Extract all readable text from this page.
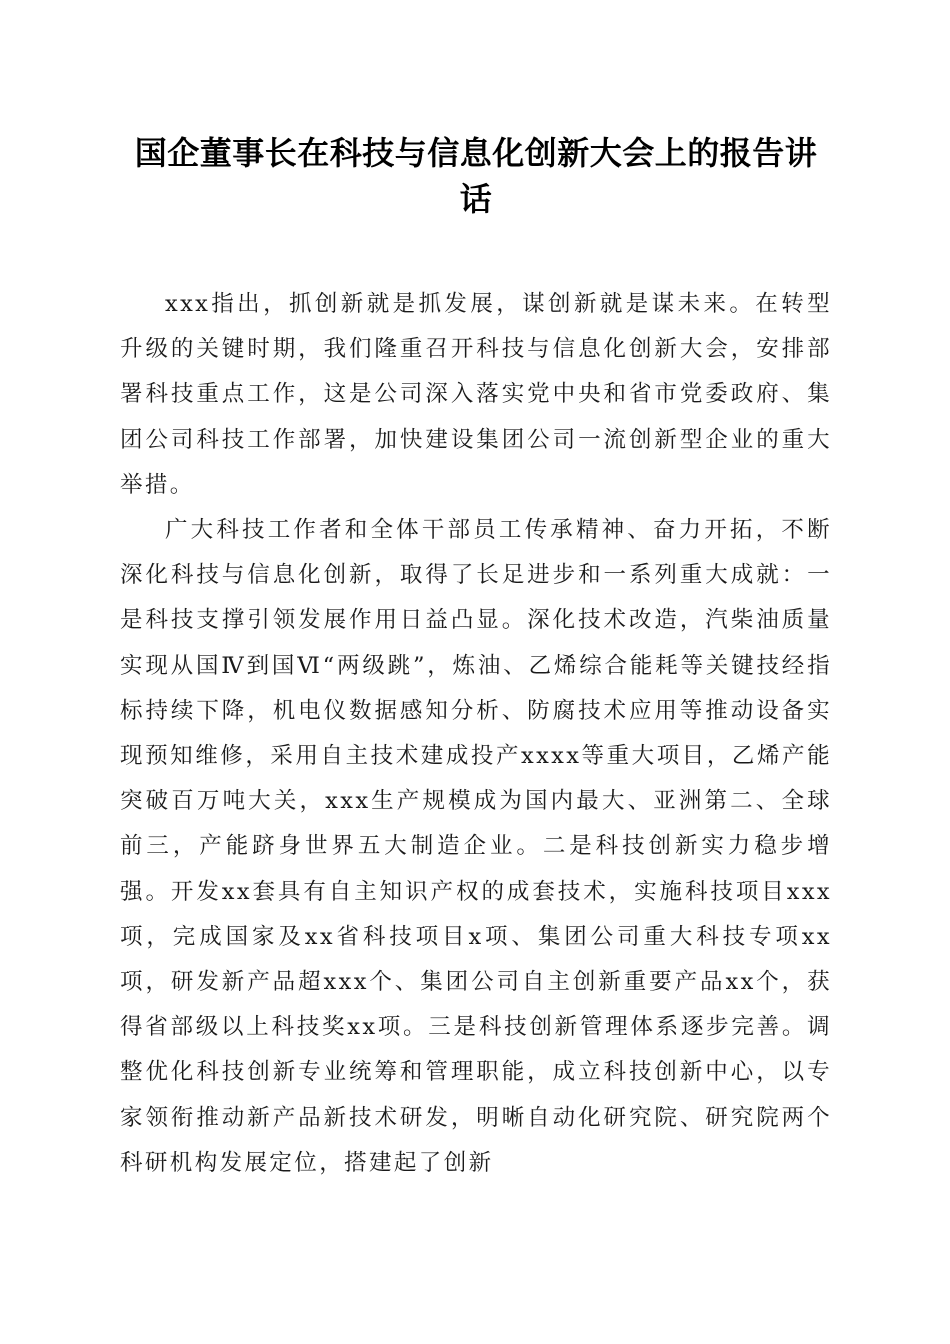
国企董事长在科技与信息化创新大会上的报告讲话

xxx指出，抓创新就是抓发展，谋创新就是谋未来。在转型升级的关键时期，我们隆重召开科技与信息化创新大会，安排部署科技重点工作，这是公司深入落实党中央和省市党委政府、集团公司科技工作部署，加快建设集团公司一流创新型企业的重大举措。

广大科技工作者和全体干部员工传承精神、奋力开拓，不断深化科技与信息化创新，取得了长足进步和一系列重大成就：一是科技支撑引领发展作用日益凸显。深化技术改造，汽柴油质量实现从国Ⅳ到国Ⅵ“两级跳”，炼油、乙烯综合能耗等关键技经指标持续下降，机电仪数据感知分析、防腐技术应用等推动设备实现预知维修，采用自主技术建成投产xxxx等重大项目，乙烯产能突破百万吨大关，xxx生产规模成为国内最大、亚洲第二、全球前三，产能跻身世界五大制造企业。二是科技创新实力稳步增强。开发xx套具有自主知识产权的成套技术，实施科技项目xxx项，完成国家及xx省科技项目x项、集团公司重大科技专项xx项，研发新产品超xxx个、集团公司自主创新重要产品xx个，获得省部级以上科技奖xx项。三是科技创新管理体系逐步完善。调整优化科技创新专业统筹和管理职能，成立科技创新中心，以专家领衔推动新产品新技术研发，明晰自动化研究院、研究院两个科研机构发展定位，搭建起了创新
